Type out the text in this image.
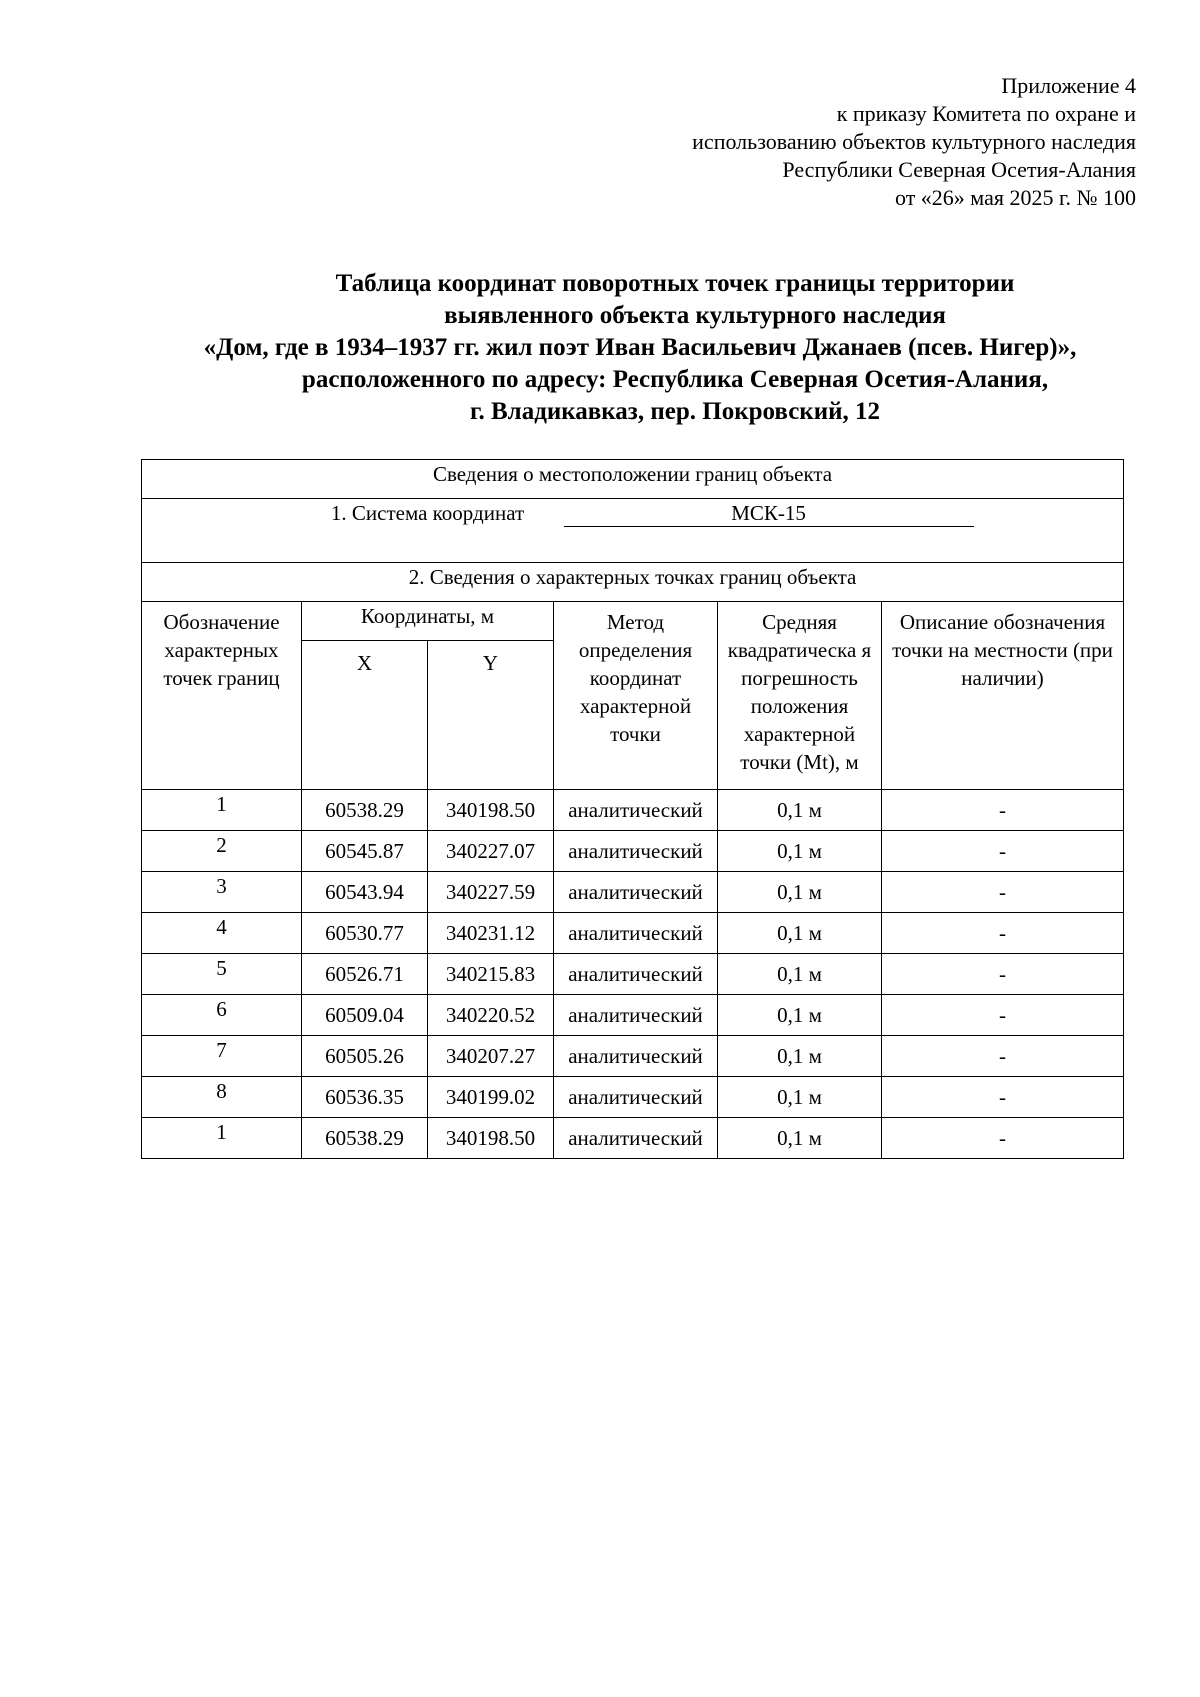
Приложение 4
к приказу Комитета по охране и
использованию объектов культурного наследия
Республики Северная Осетия-Алания
от «26» мая 2025 г. № 100
Таблица координат поворотных точек границы территории
выявленного объекта культурного наследия
«Дом, где в 1934–1937 гг. жил поэт Иван Васильевич Джанаев (псев. Нигер)»,
расположенного по адресу: Республика Северная Осетия-Алания,
г. Владикавказ, пер. Покровский, 12
Сведения о местоположении границ объекта					
1. Система координат МСК-15					
2. Сведения о характерных точках границ объекта					
Обозначение характерных точек границ	Координаты, м		Метод определения координат характерной точки	Средняя квадратическа я погрешность положения характерной точки (Mt), м	Описание обозначения точки на местности (при наличии)
	X	Y			
1	60538.29	340198.50	аналитический	0,1 м	-
2	60545.87	340227.07	аналитический	0,1 м	-
3	60543.94	340227.59	аналитический	0,1 м	-
4	60530.77	340231.12	аналитический	0,1 м	-
5	60526.71	340215.83	аналитический	0,1 м	-
6	60509.04	340220.52	аналитический	0,1 м	-
7	60505.26	340207.27	аналитический	0,1 м	-
8	60536.35	340199.02	аналитический	0,1 м	-
1	60538.29	340198.50	аналитический	0,1 м	-
